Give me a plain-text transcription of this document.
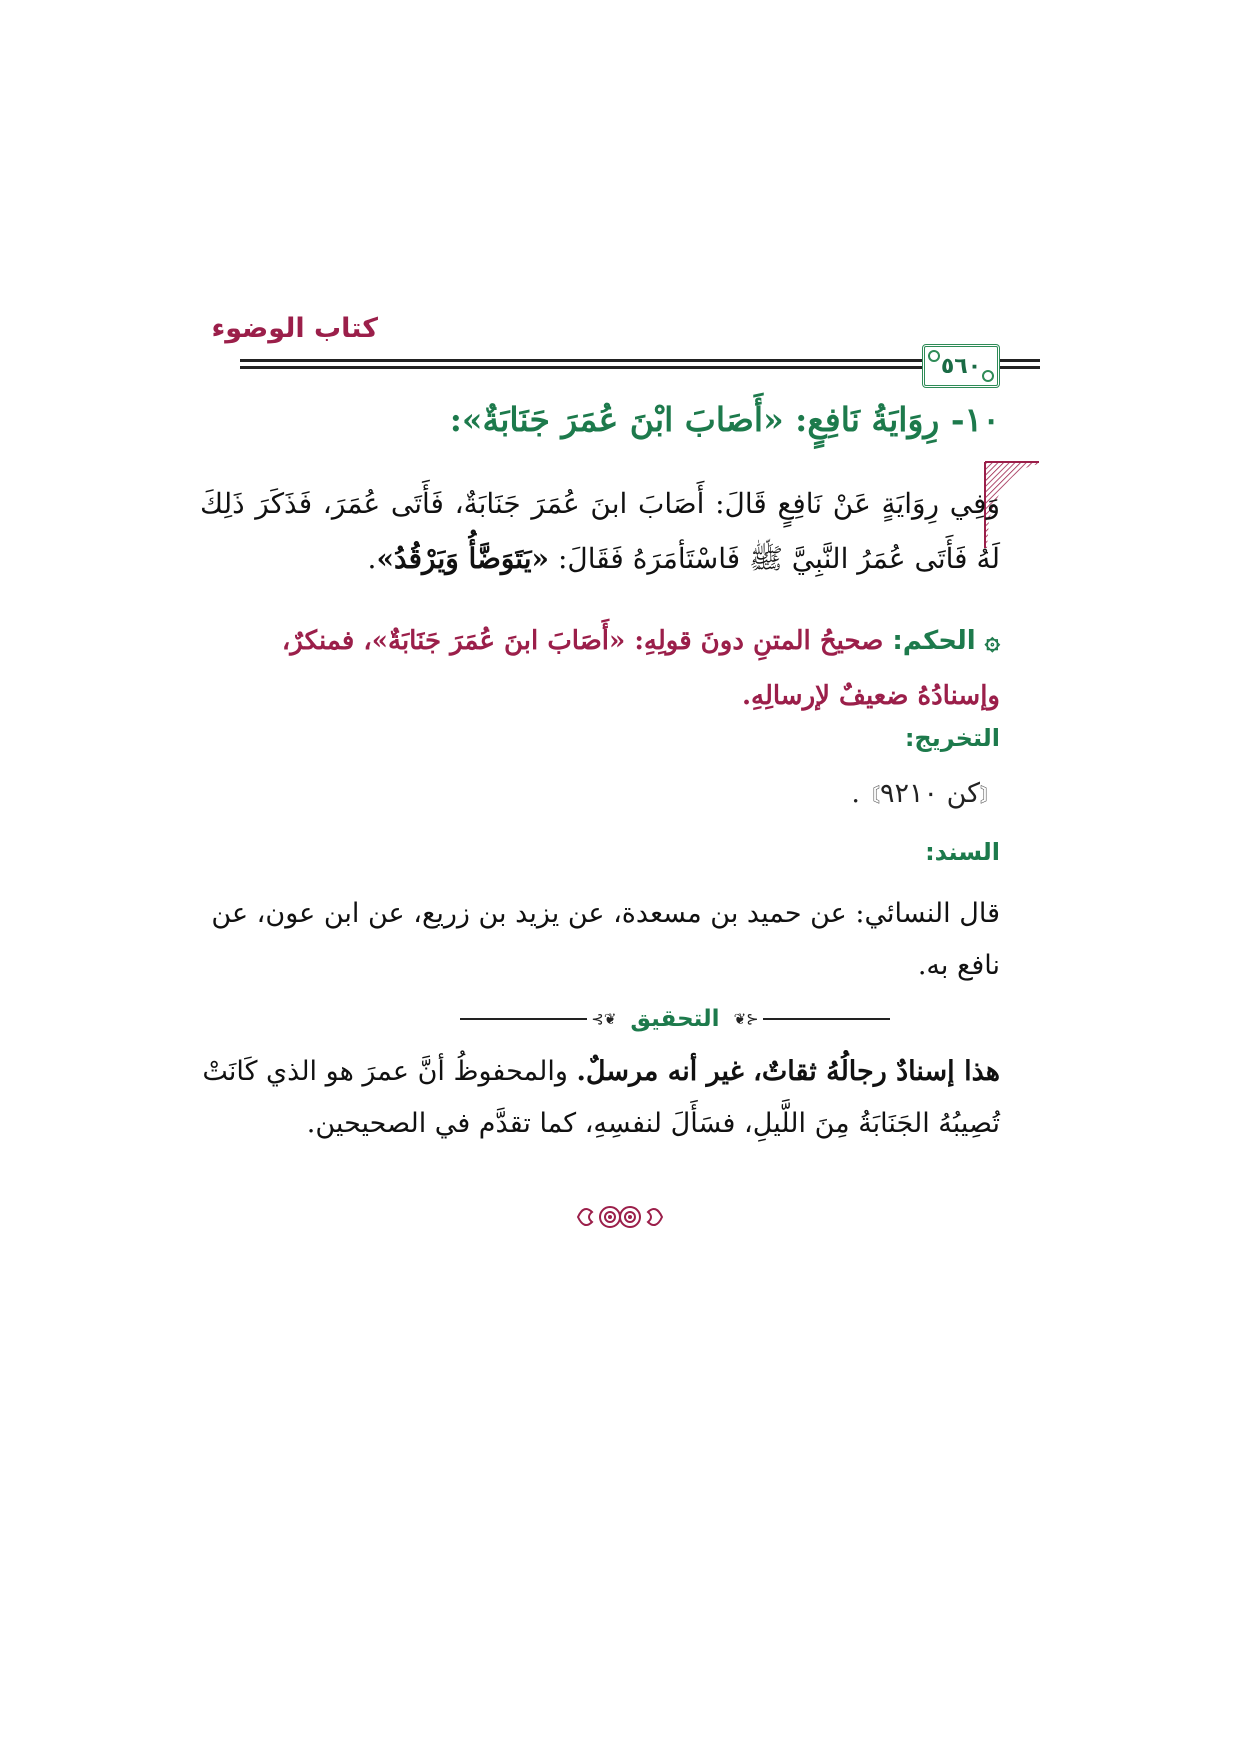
كتاب الوضوء
٥٦٠
١٠- رِوَايَةُ نَافِعٍ: «أَصَابَ ابْنَ عُمَرَ جَنَابَةٌ»:
وَفِي رِوَايَةٍ عَنْ نَافِعٍ قَالَ: أَصَابَ ابنَ عُمَرَ جَنَابَةٌ، فَأَتَى عُمَرَ، فَذَكَرَ ذَلِكَ لَهُ فَأَتَى عُمَرُ النَّبِيَّ ﷺ فَاسْتَأمَرَهُ فَقَالَ: «يَتَوَضَّأُ وَيَرْقُدُ».
۞ الحكم: صحيحُ المتنِ دونَ قولِهِ: «أَصَابَ ابنَ عُمَرَ جَنَابَةٌ»، فمنكرٌ، وإسنادُهُ ضعيفٌ لإرسالِهِ.
التخريج:
〘كن ٩٢١٠〙.
السند:
قال النسائي: عن حميد بن مسعدة، عن يزيد بن زريع، عن ابن عون، عن نافع به.
⊰❦
التحقيق
❦⊱
هذا إسنادٌ رجالُهُ ثقاتٌ، غير أنه مرسلٌ. والمحفوظُ أنَّ عمرَ هو الذي كَانَتْ تُصِيبُهُ الجَنَابَةُ مِنَ اللَّيلِ، فسَأَلَ لنفسِهِ، كما تقدَّم في الصحيحين.
